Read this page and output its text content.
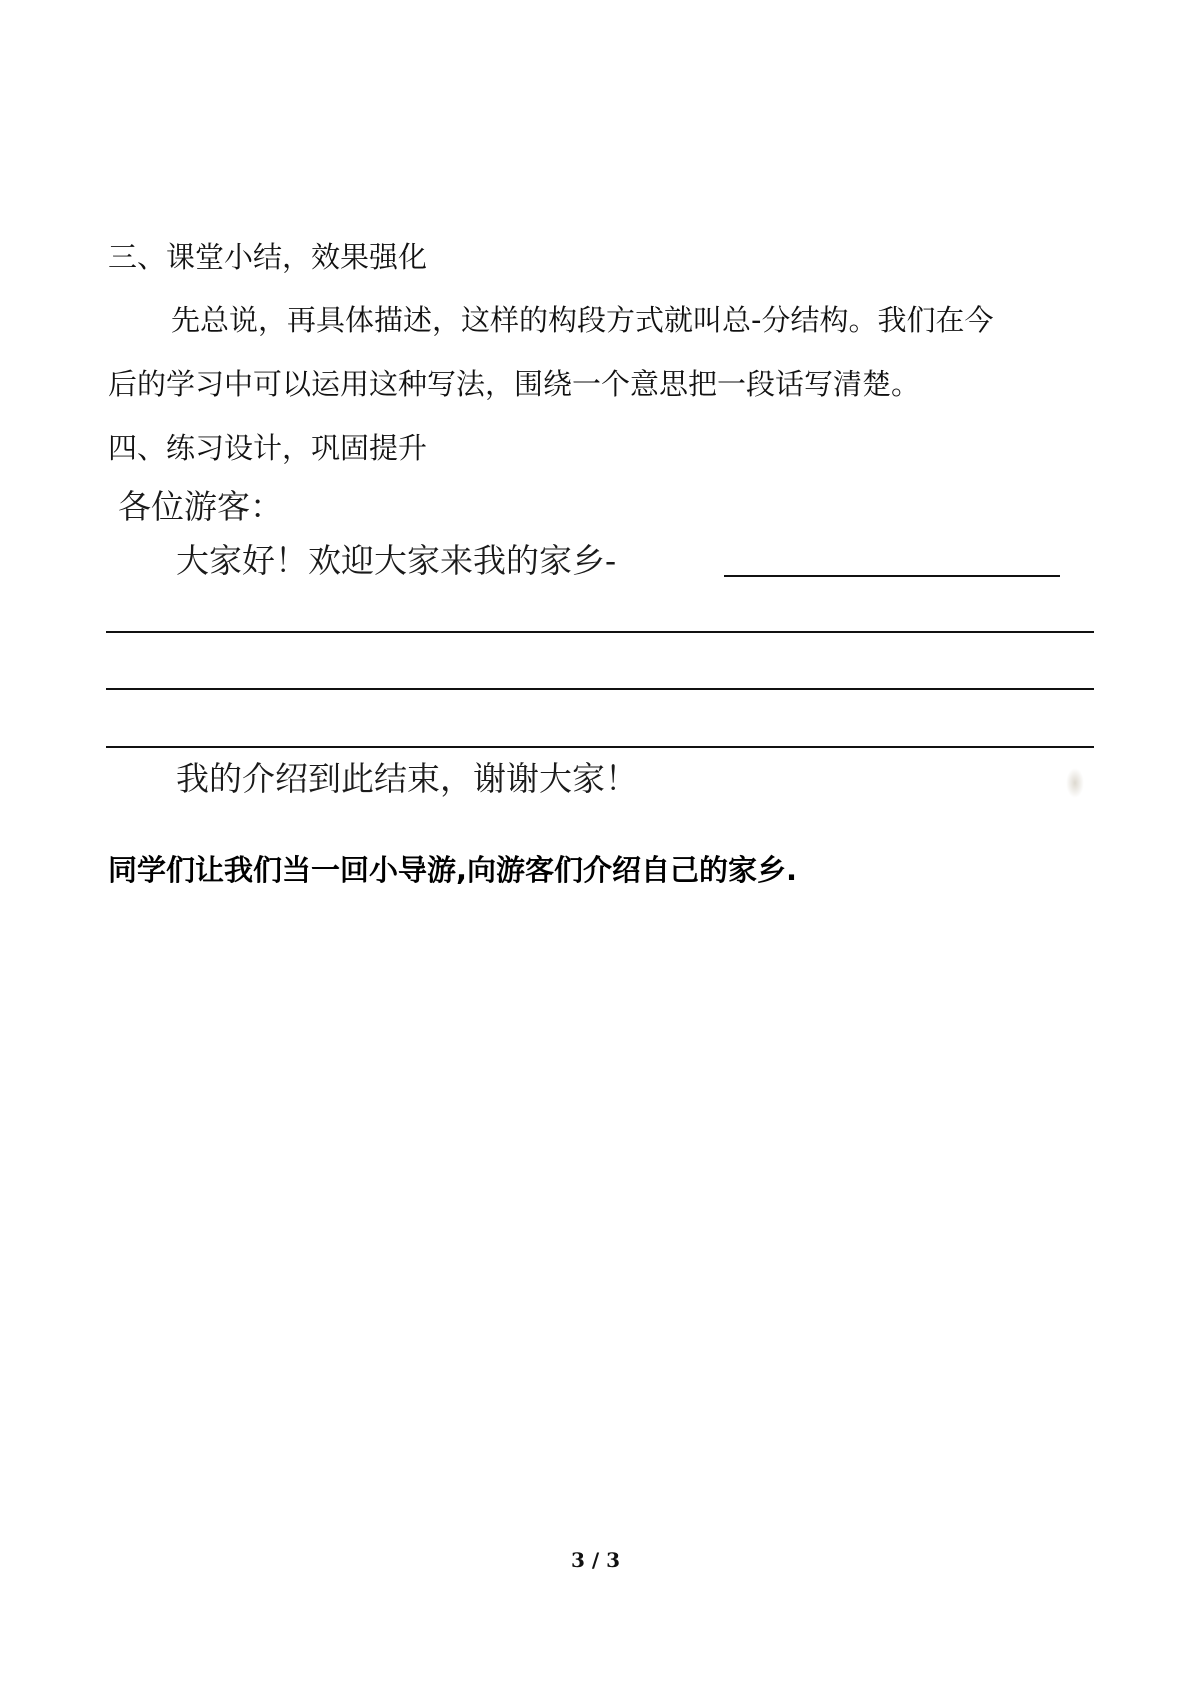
三、课堂小结，效果强化
先总说，再具体描述，这样的构段方式就叫总-分结构。我们在今
后的学习中可以运用这种写法，围绕一个意思把一段话写清楚。
四、练习设计，巩固提升
各位游客：
大家好！欢迎大家来我的家乡-
我的介绍到此结束，谢谢大家！
同学们让我们当一回小导游,向游客们介绍自己的家乡.
3 / 3
